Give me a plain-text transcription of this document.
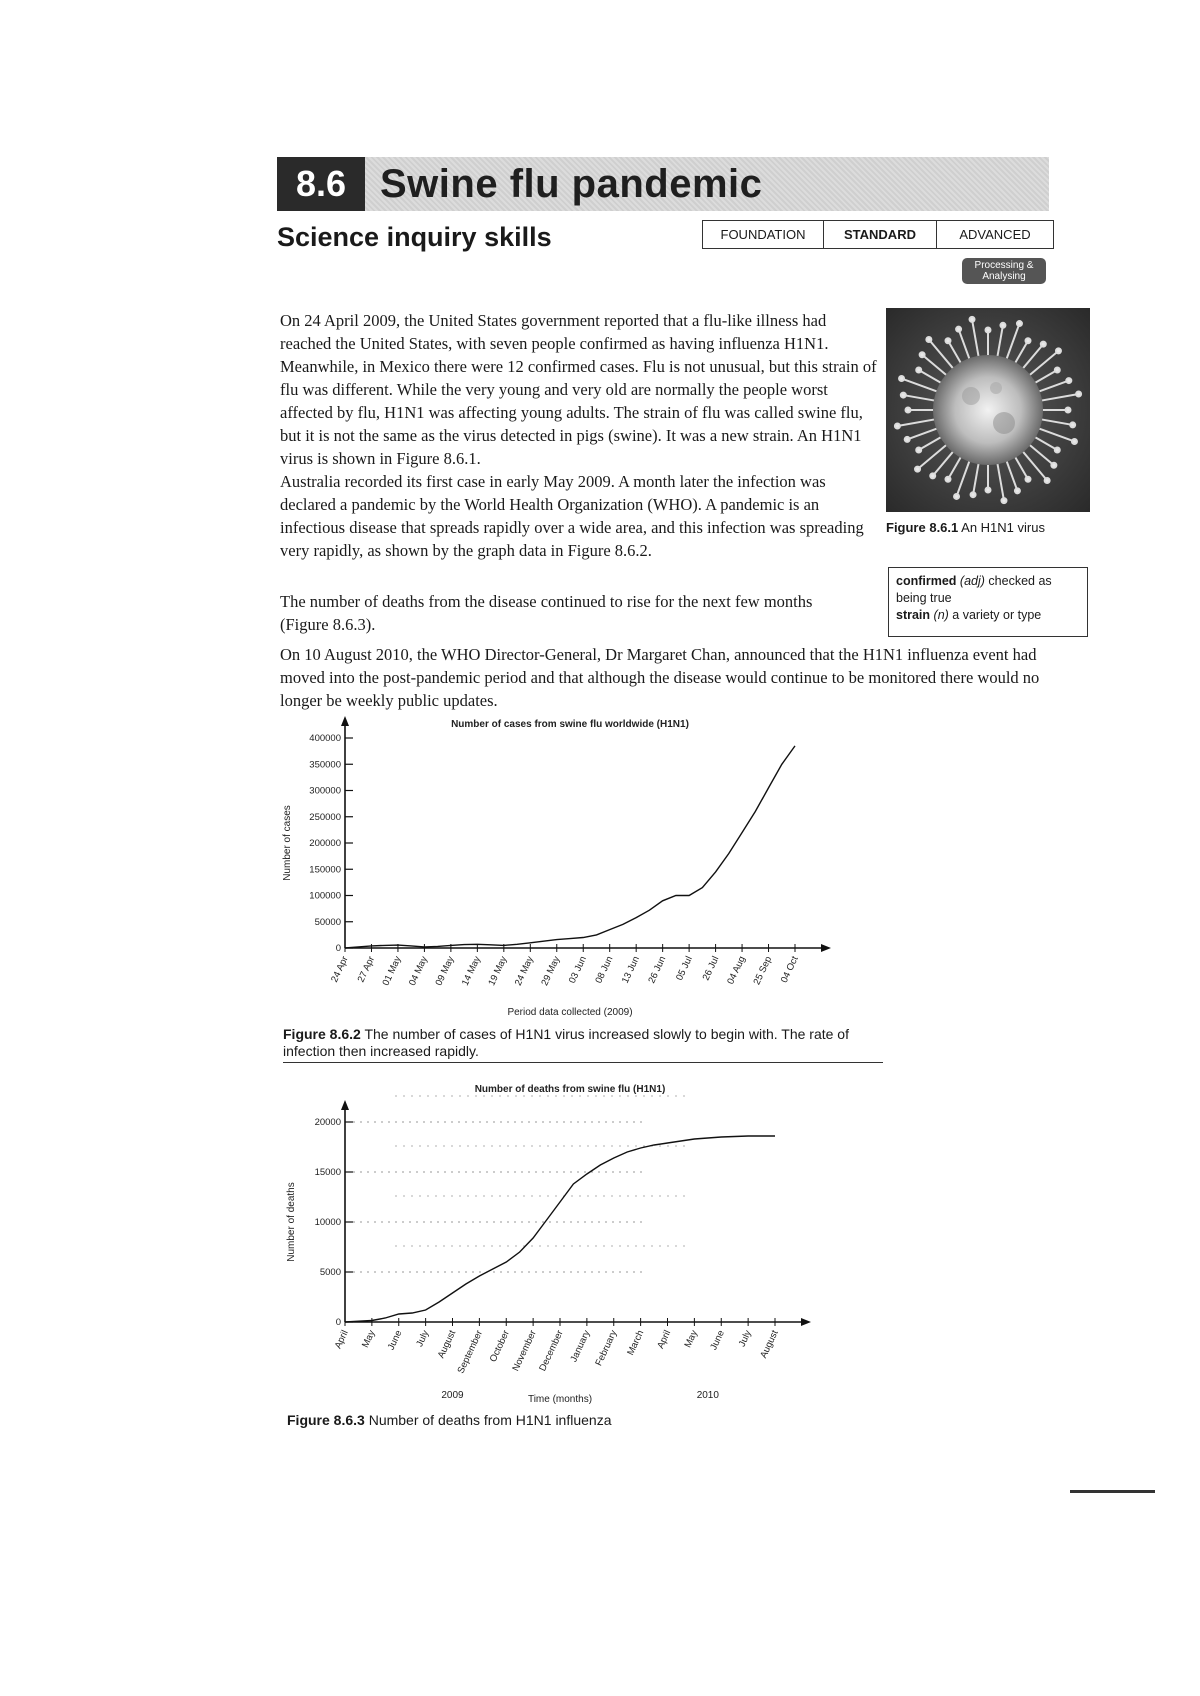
8.6 Swine flu pandemic
Science inquiry skills	FOUNDATION	STANDARD	ADVANCED
Processing & Analysing
On 24 April 2009, the United States government reported that a flu-like illness had reached the United States, with seven people confirmed as having influenza H1N1. Meanwhile, in Mexico there were 12 confirmed cases. Flu is not unusual, but this strain of flu was different. While the very young and very old are normally the people worst affected by flu, H1N1 was affecting young adults. The strain of flu was called swine flu, but it is not the same as the virus detected in pigs (swine). It was a new strain. An H1N1 virus is shown in Figure 8.6.1.
Australia recorded its first case in early May 2009. A month later the infection was declared a pandemic by the World Health Organization (WHO). A pandemic is an infectious disease that spreads rapidly over a wide area, and this infection was spreading very rapidly, as shown by the graph data in Figure 8.6.2.
The number of deaths from the disease continued to rise for the next few months (Figure 8.6.3).
On 10 August 2010, the WHO Director-General, Dr Margaret Chan, announced that the H1N1 influenza event had moved into the post-pandemic period and that although the disease would continue to be monitored there would no longer be weekly public updates.
Figure 8.6.1 An H1N1 virus
confirmed (adj) checked as being true
strain (n) a variety or type
Number of cases from swine flu worldwide (H1N1)
0
50000
100000
150000
200000
250000
300000
350000
400000
24 Apr 27 Apr 01 May 04 May 09 May 14 May 19 May 24 May 29 May 03 Jun 08 Jun 13 Jun 26 Jun 05 Jul 26 Jul 04 Aug 25 Sep 04 Oct
Period data collected (2009)
Number of cases
Figure 8.6.2 The number of cases of H1N1 virus increased slowly to begin with. The rate of infection then increased rapidly.
Number of deaths from swine flu (H1N1)
0
5000
10000
15000
20000
April May June July August
September October
November
December January February March April May June July August
2009	2010
Time (months)
Number of deaths
Figure 8.6.3 Number of deaths from H1N1 influenza
